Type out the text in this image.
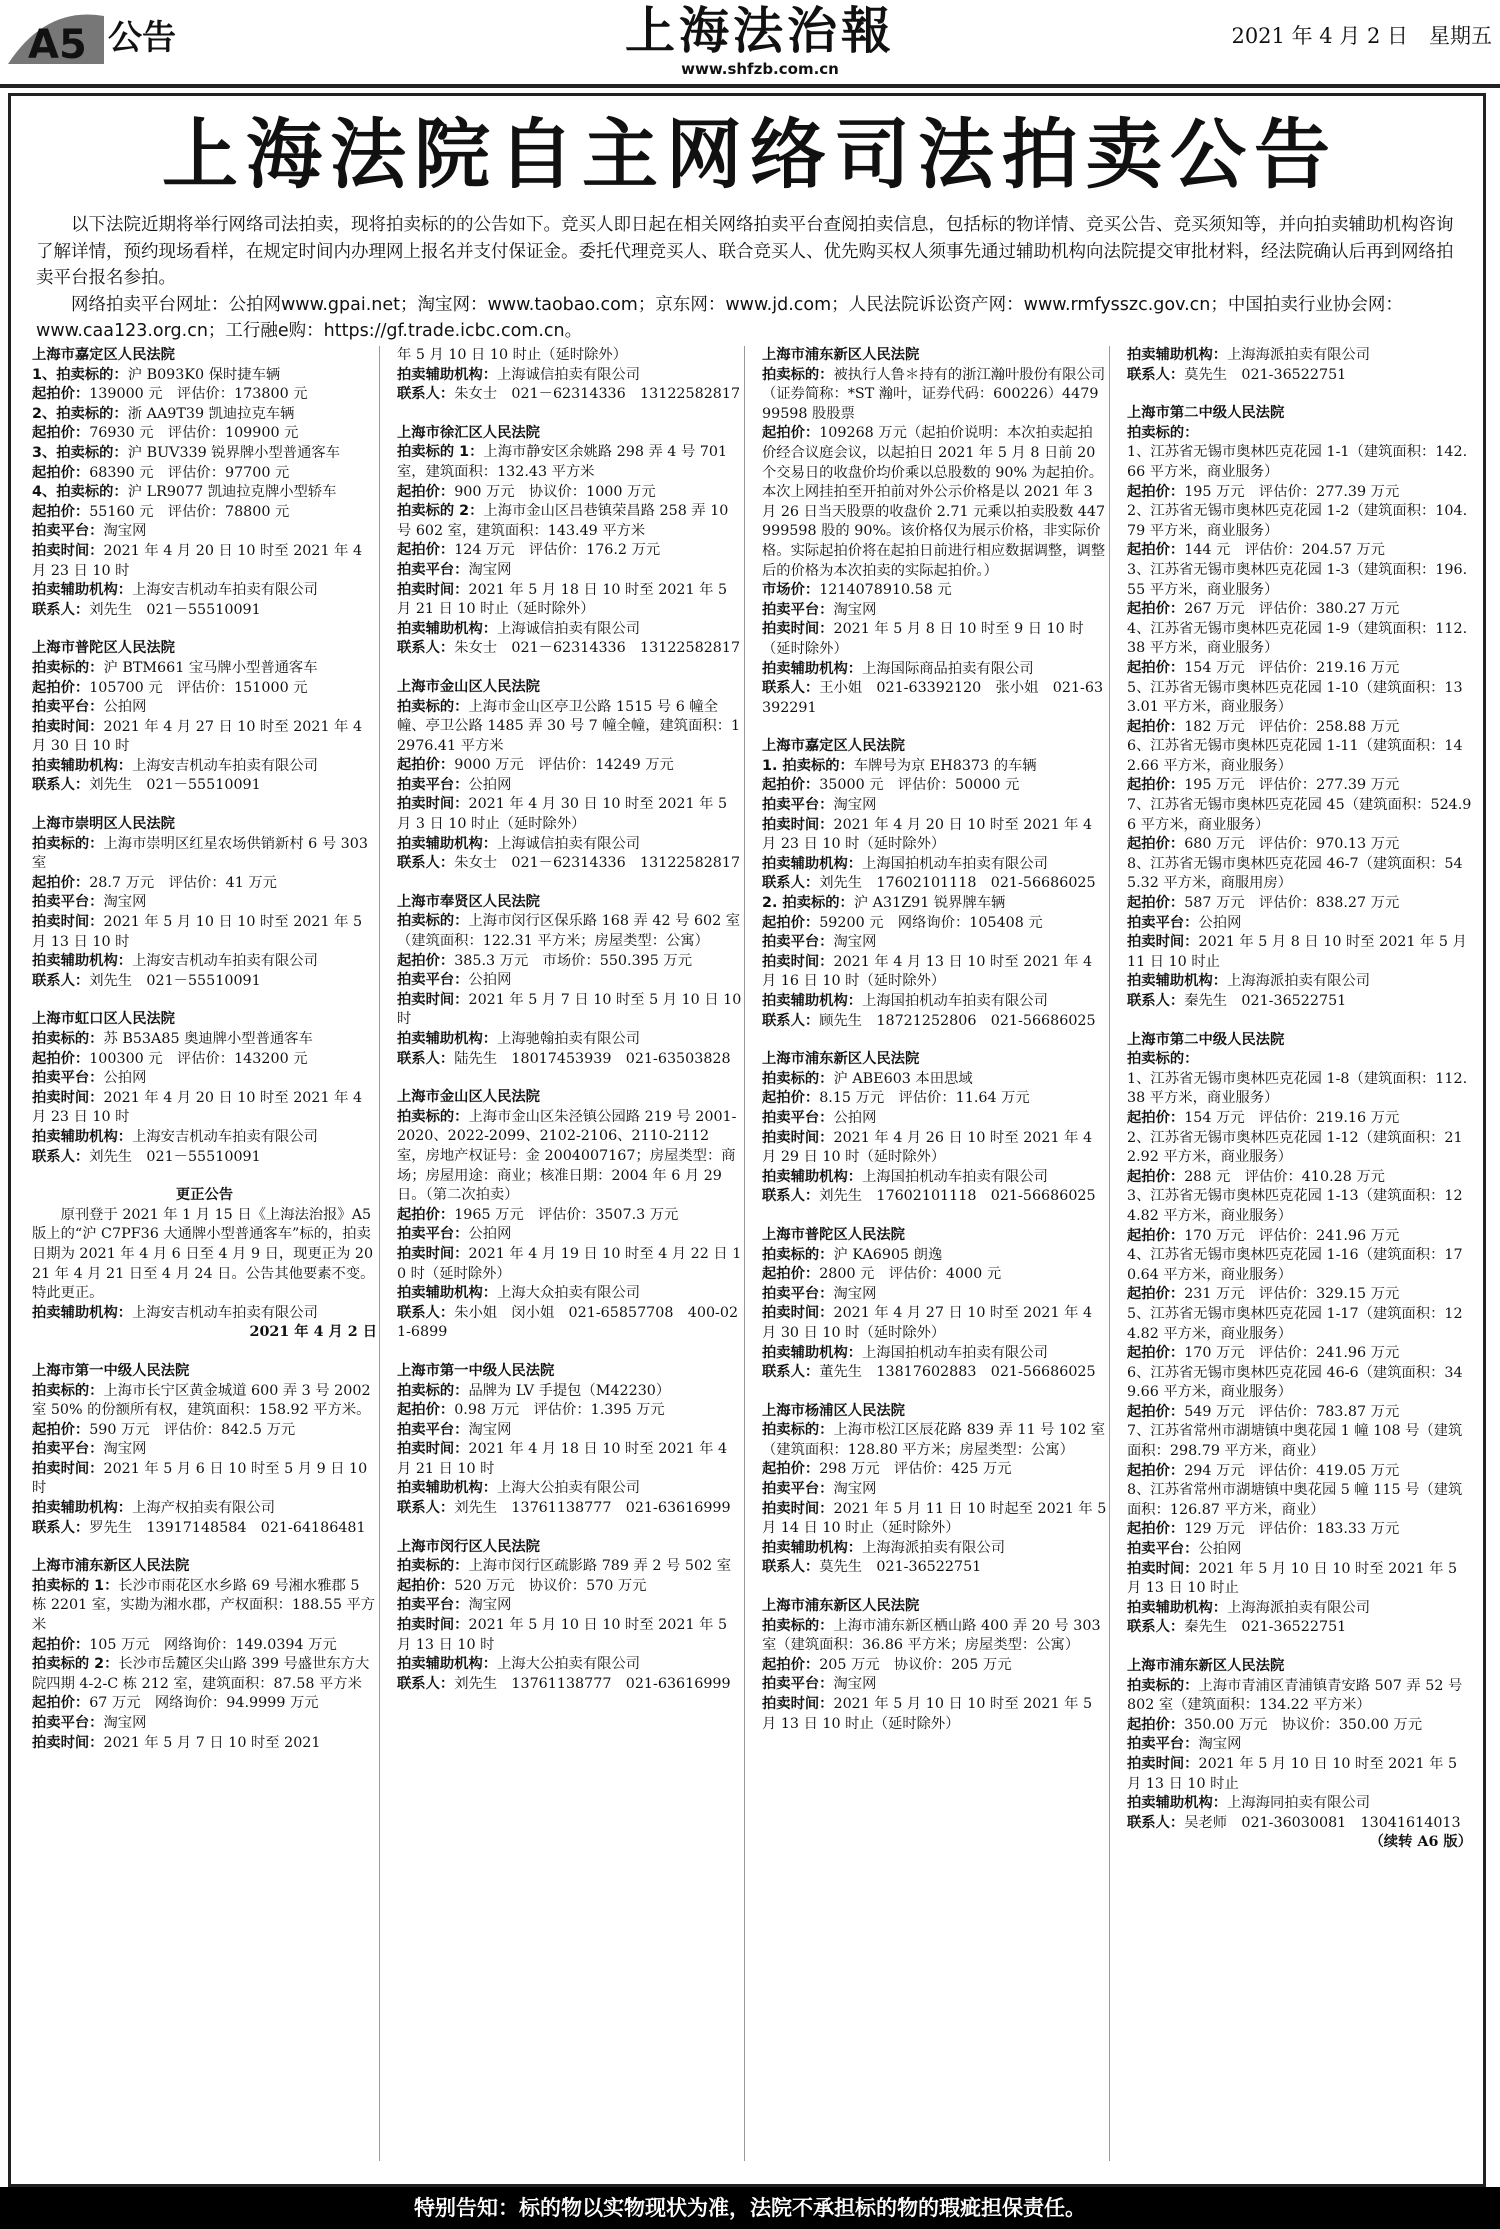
A5 公告	上海法治報
www.shfzb.com.cn
2021 年 4 月 2 日　星期五
上海法院自主网络司法拍卖公告

以下法院近期将举行网络司法拍卖，现将拍卖标的的公告如下。竞买人即日起在相关网络拍卖平台查阅拍卖信息，包括标的物详情、竞买公告、竞买须知等，并向拍卖辅助机构咨询了解详情，预约现场看样，在规定时间内办理网上报名并支付保证金。委托代理竞买人、联合竞买人、优先购买权人须事先通过辅助机构向法院提交审批材料，经法院确认后再到网络拍卖平台报名参拍。

网络拍卖平台网址：公拍网www.gpai.net；淘宝网：www.taobao.com；京东网：www.jd.com；人民法院诉讼资产网：www.rmfysszc.gov.cn；中国拍卖行业协会网：www.caa123.org.cn；工行融e购：https://gf.trade.icbc.com.cn。

上海市嘉定区人民法院
1、拍卖标的：沪 B093K0 保时捷车辆
起拍价：139000 元　评估价：173800 元
2、拍卖标的：浙 AA9T39 凯迪拉克车辆
起拍价：76930 元　评估价：109900 元
3、拍卖标的：沪 BUV339 锐界牌小型普通客车
起拍价：68390 元　评估价：97700 元
4、拍卖标的：沪 LR9077 凯迪拉克牌小型轿车
起拍价：55160 元　评估价：78800 元
拍卖平台：淘宝网
拍卖时间：2021 年 4 月 20 日 10 时至 2021 年 4 月 23 日 10 时
拍卖辅助机构：上海安吉机动车拍卖有限公司
联系人：刘先生　021－55510091
上海市普陀区人民法院
拍卖标的：沪 BTM661 宝马牌小型普通客车
起拍价：105700 元　评估价：151000 元
拍卖平台：公拍网
拍卖时间：2021 年 4 月 27 日 10 时至 2021 年 4 月 30 日 10 时
拍卖辅助机构：上海安吉机动车拍卖有限公司
联系人：刘先生　021－55510091
上海市崇明区人民法院
拍卖标的：上海市崇明区红星农场供销新村 6 号 303 室
起拍价：28.7 万元　评估价：41 万元
拍卖平台：淘宝网
拍卖时间：2021 年 5 月 10 日 10 时至 2021 年 5 月 13 日 10 时
拍卖辅助机构：上海安吉机动车拍卖有限公司
联系人：刘先生　021－55510091
上海市虹口区人民法院
拍卖标的：苏 B53A85 奥迪牌小型普通客车
起拍价：100300 元　评估价：143200 元
拍卖平台：公拍网
拍卖时间：2021 年 4 月 20 日 10 时至 2021 年 4 月 23 日 10 时
拍卖辅助机构：上海安吉机动车拍卖有限公司
联系人：刘先生　021－55510091
更正公告
原刊登于 2021 年 1 月 15 日《上海法治报》A5 版上的“沪 C7PF36 大通牌小型普通客车”标的，拍卖日期为 2021 年 4 月 6 日至 4 月 9 日，现更正为 2021 年 4 月 21 日至 4 月 24 日。公告其他要素不变。特此更正。
拍卖辅助机构：上海安吉机动车拍卖有限公司
2021 年 4 月 2 日
上海市第一中级人民法院
拍卖标的：上海市长宁区黄金城道 600 弄 3 号 2002 室 50% 的份额所有权，建筑面积：158.92 平方米。
起拍价：590 万元　评估价：842.5 万元
拍卖平台：淘宝网
拍卖时间：2021 年 5 月 6 日 10 时至 5 月 9 日 10 时
拍卖辅助机构：上海产权拍卖有限公司
联系人：罗先生　13917148584　021-64186481
上海市浦东新区人民法院
拍卖标的 1：长沙市雨花区水乡路 69 号湘水雅郡 5 栋 2201 室，实勘为湘水郡，产权面积：188.55 平方米
起拍价：105 万元　网络询价：149.0394 万元
拍卖标的 2：长沙市岳麓区尖山路 399 号盛世东方大院四期 4-2-C 栋 212 室，建筑面积：87.58 平方米
起拍价：67 万元　网络询价：94.9999 万元
拍卖平台：淘宝网
拍卖时间：2021 年 5 月 7 日 10 时至 2021
年 5 月 10 日 10 时止（延时除外）
拍卖辅助机构：上海诚信拍卖有限公司
联系人：朱女士　021－62314336　13122582817
上海市徐汇区人民法院
拍卖标的 1：上海市静安区余姚路 298 弄 4 号 701 室，建筑面积：132.43 平方米
起拍价：900 万元　协议价：1000 万元
拍卖标的 2：上海市金山区吕巷镇荣昌路 258 弄 10 号 602 室，建筑面积：143.49 平方米
起拍价：124 万元　评估价：176.2 万元
拍卖平台：淘宝网
拍卖时间：2021 年 5 月 18 日 10 时至 2021 年 5 月 21 日 10 时止（延时除外）
拍卖辅助机构：上海诚信拍卖有限公司
联系人：朱女士　021－62314336　13122582817
上海市金山区人民法院
拍卖标的：上海市金山区亭卫公路 1515 号 6 幢全幢、亭卫公路 1485 弄 30 号 7 幢全幢，建筑面积：12976.41 平方米
起拍价：9000 万元　评估价：14249 万元
拍卖平台：公拍网
拍卖时间：2021 年 4 月 30 日 10 时至 2021 年 5 月 3 日 10 时止（延时除外）
拍卖辅助机构：上海诚信拍卖有限公司
联系人：朱女士　021－62314336　13122582817
上海市奉贤区人民法院
拍卖标的：上海市闵行区保乐路 168 弄 42 号 602 室（建筑面积：122.31 平方米；房屋类型：公寓）
起拍价：385.3 万元　市场价：550.395 万元
拍卖平台：公拍网
拍卖时间：2021 年 5 月 7 日 10 时至 5 月 10 日 10 时
拍卖辅助机构：上海驰翰拍卖有限公司
联系人：陆先生　18017453939　021-63503828
上海市金山区人民法院
拍卖标的：上海市金山区朱泾镇公园路 219 号 2001-2020、2022-2099、2102-2106、2110-2112 室，房地产权证号：金 2004007167；房屋类型：商场；房屋用途：商业；核准日期：2004 年 6 月 29 日。（第二次拍卖）
起拍价：1965 万元　评估价：3507.3 万元
拍卖平台：公拍网
拍卖时间：2021 年 4 月 19 日 10 时至 4 月 22 日 10 时（延时除外）
拍卖辅助机构：上海大众拍卖有限公司
联系人：朱小姐　闵小姐　021-65857708　400-021-6899
上海市第一中级人民法院
拍卖标的：品牌为 LV 手提包（M42230）
起拍价：0.98 万元　评估价：1.395 万元
拍卖平台：淘宝网
拍卖时间：2021 年 4 月 18 日 10 时至 2021 年 4 月 21 日 10 时
拍卖辅助机构：上海大公拍卖有限公司
联系人：刘先生　13761138777　021-63616999
上海市闵行区人民法院
拍卖标的：上海市闵行区疏影路 789 弄 2 号 502 室
起拍价：520 万元　协议价：570 万元
拍卖平台：淘宝网
拍卖时间：2021 年 5 月 10 日 10 时至 2021 年 5 月 13 日 10 时
拍卖辅助机构：上海大公拍卖有限公司
联系人：刘先生　13761138777　021-63616999
上海市浦东新区人民法院
拍卖标的：被执行人鲁＊持有的浙江瀚叶股份有限公司（证券简称：*ST 瀚叶，证券代码：600226）447999598 股股票
起拍价：109268 万元（起拍价说明：本次拍卖起拍价经合议庭会议，以起拍日 2021 年 5 月 8 日前 20 个交易日的收盘价均价乘以总股数的 90% 为起拍价。本次上网挂拍至开拍前对外公示价格是以 2021 年 3 月 26 日当天股票的收盘价 2.71 元乘以拍卖股数 447999598 股的 90%。该价格仅为展示价格，非实际价格。实际起拍价将在起拍日前进行相应数据调整，调整后的价格为本次拍卖的实际起拍价。）
市场价：1214078910.58 元
拍卖平台：淘宝网
拍卖时间：2021 年 5 月 8 日 10 时至 9 日 10 时（延时除外）
拍卖辅助机构：上海国际商品拍卖有限公司
联系人：王小姐　021-63392120　张小姐　021-63392291
上海市嘉定区人民法院
1. 拍卖标的：车牌号为京 EH8373 的车辆
起拍价：35000 元　评估价：50000 元
拍卖平台：淘宝网
拍卖时间：2021 年 4 月 20 日 10 时至 2021 年 4 月 23 日 10 时（延时除外）
拍卖辅助机构：上海国拍机动车拍卖有限公司
联系人：刘先生　17602101118　021-56686025
2. 拍卖标的：沪 A31Z91 锐界牌车辆
起拍价：59200 元　网络询价：105408 元
拍卖平台：淘宝网
拍卖时间：2021 年 4 月 13 日 10 时至 2021 年 4 月 16 日 10 时（延时除外）
拍卖辅助机构：上海国拍机动车拍卖有限公司
联系人：顾先生　18721252806　021-56686025
上海市浦东新区人民法院
拍卖标的：沪 ABE603 本田思域
起拍价：8.15 万元　评估价：11.64 万元
拍卖平台：公拍网
拍卖时间：2021 年 4 月 26 日 10 时至 2021 年 4 月 29 日 10 时（延时除外）
拍卖辅助机构：上海国拍机动车拍卖有限公司
联系人：刘先生　17602101118　021-56686025
上海市普陀区人民法院
拍卖标的：沪 KA6905 朗逸
起拍价：2800 元　评估价：4000 元
拍卖平台：淘宝网
拍卖时间：2021 年 4 月 27 日 10 时至 2021 年 4 月 30 日 10 时（延时除外）
拍卖辅助机构：上海国拍机动车拍卖有限公司
联系人：董先生　13817602883　021-56686025
上海市杨浦区人民法院
拍卖标的：上海市松江区辰花路 839 弄 11 号 102 室（建筑面积：128.80 平方米；房屋类型：公寓）
起拍价：298 万元　评估价：425 万元
拍卖平台：淘宝网
拍卖时间：2021 年 5 月 11 日 10 时起至 2021 年 5 月 14 日 10 时止（延时除外）
拍卖辅助机构：上海海派拍卖有限公司
联系人：莫先生　021-36522751
上海市浦东新区人民法院
拍卖标的：上海市浦东新区栖山路 400 弄 20 号 303 室（建筑面积：36.86 平方米；房屋类型：公寓）
起拍价：205 万元　协议价：205 万元
拍卖平台：淘宝网
拍卖时间：2021 年 5 月 10 日 10 时至 2021 年 5 月 13 日 10 时止（延时除外）
拍卖辅助机构：上海海派拍卖有限公司
联系人：莫先生　021-36522751
上海市第二中级人民法院
拍卖标的：
1、江苏省无锡市奥林匹克花园 1-1（建筑面积：142.66 平方米，商业服务）
起拍价：195 万元　评估价：277.39 万元
2、江苏省无锡市奥林匹克花园 1-2（建筑面积：104.79 平方米，商业服务）
起拍价：144 元　评估价：204.57 万元
3、江苏省无锡市奥林匹克花园 1-3（建筑面积：196.55 平方米，商业服务）
起拍价：267 万元　评估价：380.27 万元
4、江苏省无锡市奥林匹克花园 1-9（建筑面积：112.38 平方米，商业服务）
起拍价：154 万元　评估价：219.16 万元
5、江苏省无锡市奥林匹克花园 1-10（建筑面积：133.01 平方米，商业服务）
起拍价：182 万元　评估价：258.88 万元
6、江苏省无锡市奥林匹克花园 1-11（建筑面积：142.66 平方米，商业服务）
起拍价：195 万元　评估价：277.39 万元
7、江苏省无锡市奥林匹克花园 45（建筑面积：524.96 平方米，商业服务）
起拍价：680 万元　评估价：970.13 万元
8、江苏省无锡市奥林匹克花园 46-7（建筑面积：545.32 平方米，商服用房）
起拍价：587 万元　评估价：838.27 万元
拍卖平台：公拍网
拍卖时间：2021 年 5 月 8 日 10 时至 2021 年 5 月 11 日 10 时止
拍卖辅助机构：上海海派拍卖有限公司
联系人：秦先生　021-36522751
上海市第二中级人民法院
拍卖标的：
1、江苏省无锡市奥林匹克花园 1-8（建筑面积：112.38 平方米，商业服务）
起拍价：154 万元　评估价：219.16 万元
2、江苏省无锡市奥林匹克花园 1-12（建筑面积：212.92 平方米，商业服务）
起拍价：288 元　评估价：410.28 万元
3、江苏省无锡市奥林匹克花园 1-13（建筑面积：124.82 平方米，商业服务）
起拍价：170 万元　评估价：241.96 万元
4、江苏省无锡市奥林匹克花园 1-16（建筑面积：170.64 平方米，商业服务）
起拍价：231 万元　评估价：329.15 万元
5、江苏省无锡市奥林匹克花园 1-17（建筑面积：124.82 平方米，商业服务）
起拍价：170 万元　评估价：241.96 万元
6、江苏省无锡市奥林匹克花园 46-6（建筑面积：349.66 平方米，商业服务）
起拍价：549 万元　评估价：783.87 万元
7、江苏省常州市湖塘镇中奥花园 1 幢 108 号（建筑面积：298.79 平方米，商业）
起拍价：294 万元　评估价：419.05 万元
8、江苏省常州市湖塘镇中奥花园 5 幢 115 号（建筑面积：126.87 平方米，商业）
起拍价：129 万元　评估价：183.33 万元
拍卖平台：公拍网
拍卖时间：2021 年 5 月 10 日 10 时至 2021 年 5 月 13 日 10 时止
拍卖辅助机构：上海海派拍卖有限公司
联系人：秦先生　021-36522751
上海市浦东新区人民法院
拍卖标的：上海市青浦区青浦镇青安路 507 弄 52 号 802 室（建筑面积：134.22 平方米）
起拍价：350.00 万元　协议价：350.00 万元
拍卖平台：淘宝网
拍卖时间：2021 年 5 月 10 日 10 时至 2021 年 5 月 13 日 10 时止
拍卖辅助机构：上海海同拍卖有限公司
联系人：吴老师　021-36030081　13041614013
（续转 A6 版）
特别告知：标的物以实物现状为准，法院不承担标的物的瑕疵担保责任。
